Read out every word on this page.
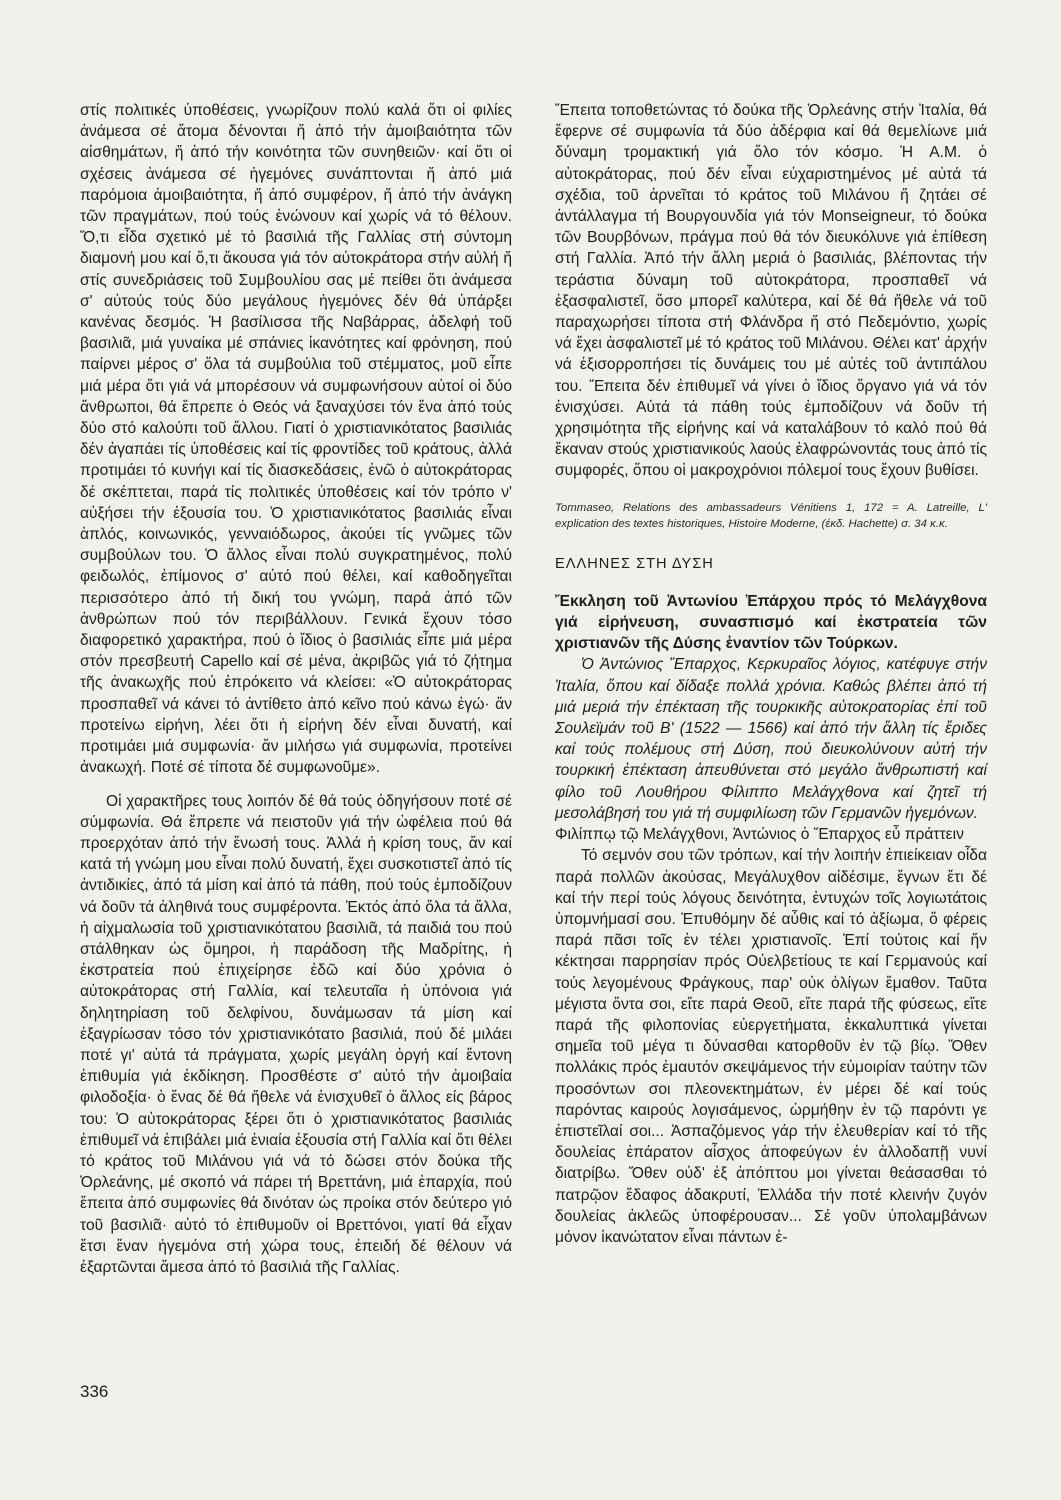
στίς πολιτικές ὑποθέσεις, γνωρίζουν πολύ καλά ὅτι οἱ φιλίες ἀνάμεσα σέ ἄτομα δένονται ἤ ἀπό τήν ἀμοιβαιότητα τῶν αἰσθημάτων, ἤ ἀπό τήν κοινότητα τῶν συνηθειῶν· καί ὅτι οἱ σχέσεις ἀνάμεσα σέ ἡγεμόνες συνάπτονται ἤ ἀπό μιά παρόμοια ἀμοιβαιότητα, ἤ ἀπό συμφέρον, ἤ ἀπό τήν ἀνάγκη τῶν πραγμάτων, πού τούς ἑνώνουν καί χωρίς νά τό θέλουν. Ὅ,τι εἶδα σχετικό μέ τό βασιλιά τῆς Γαλλίας στή σύντομη διαμονή μου καί ὅ,τι ἄκουσα γιά τόν αὐτοκράτορα στήν αὐλή ἤ στίς συνεδριάσεις τοῦ Συμβουλίου σας μέ πείθει ὅτι ἀνάμεσα σ' αὐτούς τούς δύο μεγάλους ἡγεμόνες δέν θά ὑπάρξει κανένας δεσμός. Ἡ βασίλισσα τῆς Ναβάρρας, ἀδελφή τοῦ βασιλιᾶ, μιά γυναίκα μέ σπάνιες ἱκανότητες καί φρόνηση, πού παίρνει μέρος σ' ὅλα τά συμβούλια τοῦ στέμματος, μοῦ εἶπε μιά μέρα ὅτι γιά νά μπορέσουν νά συμφωνήσουν αὐτοί οἱ δύο ἄνθρωποι, θά ἔπρεπε ὁ Θεός νά ξαναχύσει τόν ἕνα ἀπό τούς δύο στό καλούπι τοῦ ἄλλου. Γιατί ὁ χριστιανικότατος βασιλιάς δέν ἀγαπάει τίς ὑποθέσεις καί τίς φροντίδες τοῦ κράτους, ἀλλά προτιμάει τό κυνήγι καί τίς διασκεδάσεις, ἐνῶ ὁ αὐτοκράτορας δέ σκέπτεται, παρά τίς πολιτικές ὑποθέσεις καί τόν τρόπο ν' αὐξήσει τήν ἐξουσία του. Ὁ χριστιανικότατος βασιλιάς εἶναι ἁπλός, κοινωνικός, γενναιόδωρος, ἀκούει τίς γνῶμες τῶν συμβούλων του. Ὁ ἄλλος εἶναι πολύ συγκρατημένος, πολύ φειδωλός, ἐπίμονος σ' αὐτό πού θέλει, καί καθοδηγεῖται περισσότερο ἀπό τή δική του γνώμη, παρά ἀπό τῶν ἀνθρώπων πού τόν περιβάλλουν. Γενικά ἔχουν τόσο διαφορετικό χαρακτήρα, πού ὁ ἴδιος ὁ βασιλιάς εἶπε μιά μέρα στόν πρεσβευτή Capello καί σέ μένα, ἀκριβῶς γιά τό ζήτημα τῆς ἀνακωχῆς πού ἐπρόκειτο νά κλείσει: «Ὁ αὐτοκράτορας προσπαθεῖ νά κάνει τό ἀντίθετο ἀπό κεῖνο πού κάνω ἐγώ· ἄν προτείνω εἰρήνη, λέει ὅτι ἡ εἰρήνη δέν εἶναι δυνατή, καί προτιμάει μιά συμφωνία· ἄν μιλήσω γιά συμφωνία, προτείνει ἀνακωχή. Ποτέ σέ τίποτα δέ συμφωνοῦμε».

Οἱ χαρακτῆρες τους λοιπόν δέ θά τούς ὁδηγήσουν ποτέ σέ σύμφωνία. Θά ἔπρεπε νά πειστοῦν γιά τήν ὠφέλεια πού θά προερχόταν ἀπό τήν ἕνωσή τους. Ἀλλά ἡ κρίση τους, ἄν καί κατά τή γνώμη μου εἶναι πολύ δυνατή, ἔχει συσκοτιστεῖ ἀπό τίς ἀντιδικίες, ἀπό τά μίση καί ἀπό τά πάθη, πού τούς ἐμποδίζουν νά δοῦν τά ἀληθινά τους συμφέροντα. Ἐκτός ἀπό ὅλα τά ἄλλα, ἡ αἰχμαλωσία τοῦ χριστιανικότατου βασιλιᾶ, τά παιδιά του πού στάλθηκαν ὡς ὅμηροι, ἡ παράδοση τῆς Μαδρίτης, ἡ ἐκστρατεία πού ἐπιχείρησε ἐδῶ καί δύο χρόνια ὁ αὐτοκράτορας στή Γαλλία, καί τελευταῖα ἡ ὑπόνοια γιά δηλητηρίαση τοῦ δελφίνου, δυνάμωσαν τά μίση καί ἐξαγρίωσαν τόσο τόν χριστιανικότατο βασιλιά, πού δέ μιλάει ποτέ γι' αὐτά τά πράγματα, χωρίς μεγάλη ὀργή καί ἔντονη ἐπιθυμία γιά ἐκδίκηση. Προσθέστε σ' αὐτό τήν ἀμοιβαία φιλοδοξία· ὁ ἕνας δέ θά ἤθελε νά ἐνισχυθεῖ ὁ ἄλλος είς βάρος του: Ὁ αὐτοκράτορας ξέρει ὅτι ὁ χριστιανικότατος βασιλιάς ἐπιθυμεῖ νά ἐπιβάλει μιά ἑνιαία ἐξουσία στή Γαλλία καί ὅτι θέλει τό κράτος τοῦ Μιλάνου γιά νά τό δώσει στόν δούκα τῆς Ὀρλεάνης, μέ σκοπό νά πάρει τή Βρεττάνη, μιά ἐπαρχία, πού ἔπειτα ἀπό συμφωνίες θά δινόταν ὡς προίκα στόν δεύτερο γιό τοῦ βασιλιᾶ· αὐτό τό ἐπιθυμοῦν οἱ Βρεττόνοι, γιατί θά εἶχαν ἔτσι ἕναν ἡγεμόνα στή χώρα τους, ἐπειδή δέ θέλουν νά ἐξαρτῶνται ἄμεσα ἀπό τό βασιλιά τῆς Γαλλίας.

Ἔπειτα τοποθετώντας τό δούκα τῆς Ὀρλεάνης στήν Ἰταλία, θά ἔφερνε σέ συμφωνία τά δύο ἀδέρφια καί θά θεμελίωνε μιά δύναμη τρομακτική γιά ὅλο τόν κόσμο. Ἡ Α.Μ. ὁ αὐτοκράτορας, πού δέν εἶναι εὐχαριστημένος μέ αὐτά τά σχέδια, τοῦ ἀρνεῖται τό κράτος τοῦ Μιλάνου ἤ ζητάει σέ ἀντάλλαγμα τή Βουργουνδία γιά τόν Monseigneur, τό δούκα τῶν Βουρβόνων, πράγμα πού θά τόν διευκόλυνε γιά ἐπίθεση στή Γαλλία. Ἀπό τήν ἄλλη μεριά ὁ βασιλιάς, βλέποντας τήν τεράστια δύναμη τοῦ αὐτοκράτορα, προσπαθεῖ νά ἐξασφαλιστεῖ, ὅσο μπορεῖ καλύτερα, καί δέ θά ἤθελε νά τοῦ παραχωρήσει τίποτα στή Φλάνδρα ἤ στό Πεδεμόντιο, χωρίς νά ἔχει ἀσφαλιστεῖ μέ τό κράτος τοῦ Μιλάνου. Θέλει κατ' ἀρχήν νά ἐξισορροπήσει τίς δυνάμεις του μέ αὐτές τοῦ ἀντιπάλου του. Ἔπειτα δέν ἐπιθυμεῖ νά γίνει ὁ ἴδιος ὄργανο γιά νά τόν ἐνισχύσει. Αὐτά τά πάθη τούς ἐμποδίζουν νά δοῦν τή χρησιμότητα τῆς εἰρήνης καί νά καταλάβουν τό καλό πού θά ἔκαναν στούς χριστιανικούς λαούς ἐλαφρώνοντάς τους ἀπό τίς συμφορές, ὅπου οἱ μακροχρόνιοι πόλεμοί τους ἔχουν βυθίσει.

Tommaseo, Relations des ambassadeurs Vénitiens 1, 172 = A. Latreille, L' explication des textes historiques, Histoire Moderne, (ἐκδ. Hachette) σ. 34 κ.κ.

ΕΛΛΗΝΕΣ ΣΤΗ ΔΥΣΗ

Ἔκκληση τοῦ Ἀντωνίου Ἐπάρχου πρός τό Μελάγχθονα γιά εἰρήνευση, συνασπισμό καί ἐκστρατεία τῶν χριστιανῶν τῆς Δύσης ἐναντίον τῶν Τούρκων.

Ὁ Ἀντώνιος Ἔπαρχος, Κερκυραῖος λόγιος, κατέφυγε στήν Ἰταλία, ὅπου καί δίδαξε πολλά χρόνια. Καθώς βλέπει ἀπό τή μιά μεριά τήν ἐπέκταση τῆς τουρκικῆς αὐτοκρατορίας ἐπί τοῦ Σουλεϊμάν τοῦ Β' (1522 — 1566) καί ἀπό τήν ἄλλη τίς ἔριδες καί τούς πολέμους στή Δύση, πού διευκολύνουν αὐτή τήν τουρκική ἐπέκταση ἀπευθύνεται στό μεγάλο ἄνθρωπιστή καί φίλο τοῦ Λουθήρου Φίλιππο Μελάγχθονα καί ζητεῖ τή μεσολάβησή του γιά τή συμφιλίωση τῶν Γερμανῶν ἡγεμόνων.

Φιλίππῳ τῷ Μελάγχθονι, Ἀντώνιος ὁ Ἔπαρχος εὖ πράττειν

Τό σεμνόν σου τῶν τρόπων, καί τήν λοιπήν ἐπιείκειαν οἶδα παρά πολλῶν ἀκούσας, Μεγάλυχθον αἰδέσιμε, ἔγνων ἔτι δέ καί τήν περί τούς λόγους δεινότητα, ἐντυχών τοῖς λογιωτάτοις ὑπομνήμασί σου. Ἐπυθόμην δέ αὖθις καί τό ἀξίωμα, ὅ φέρεις παρά πᾶσι τοῖς ἐν τέλει χριστιανοῖς. Ἐπί τούτοις καί ἥν κέκτησαι παρρησίαν πρός Οὐελβετίους τε καί Γερμανούς καί τούς λεγομένους Φράγκους, παρ' οὐκ ὀλίγων ἔμαθον. Ταῦτα μέγιστα ὄντα σοι, εἴτε παρά Θεοῦ, εἴτε παρά τῆς φύσεως, εἴτε παρά τῆς φιλοπονίας εὐεργετήματα, ἐκκαλυπτικά γίνεται σημεῖα τοῦ μέγα τι δύνασθαι κατορθοῦν ἐν τῷ βίῳ. Ὅθεν πολλάκις πρός ἐμαυτόν σκεψάμενος τήν εὐμοιρίαν ταύτην τῶν προσόντων σοι πλεονεκτημάτων, ἐν μέρει δέ καί τούς παρόντας καιρούς λογισάμενος, ὡρμήθην ἐν τῷ παρόντι γε ἐπιστεῖλαί σοι... Ἀσπαζόμενος γάρ τήν ἐλευθερίαν καί τό τῆς δουλείας ἐπάρατον αἶσχος ἀποφεύγων ἐν ἀλλοδαπῇ νυνί διατρίβω. Ὅθεν οὐδ' ἐξ ἀπόπτου μοι γίνεται θεάσασθαι τό πατρῷον ἔδαφος ἀδακρυτί, Ἑλλάδα τήν ποτέ κλεινήν ζυγόν δουλείας ἀκλεῶς ὑποφέρουσαν... Σέ γοῦν ὑπολαμβάνων μόνον ἱκανώτατον εἶναι πάντων ἐ-

336
